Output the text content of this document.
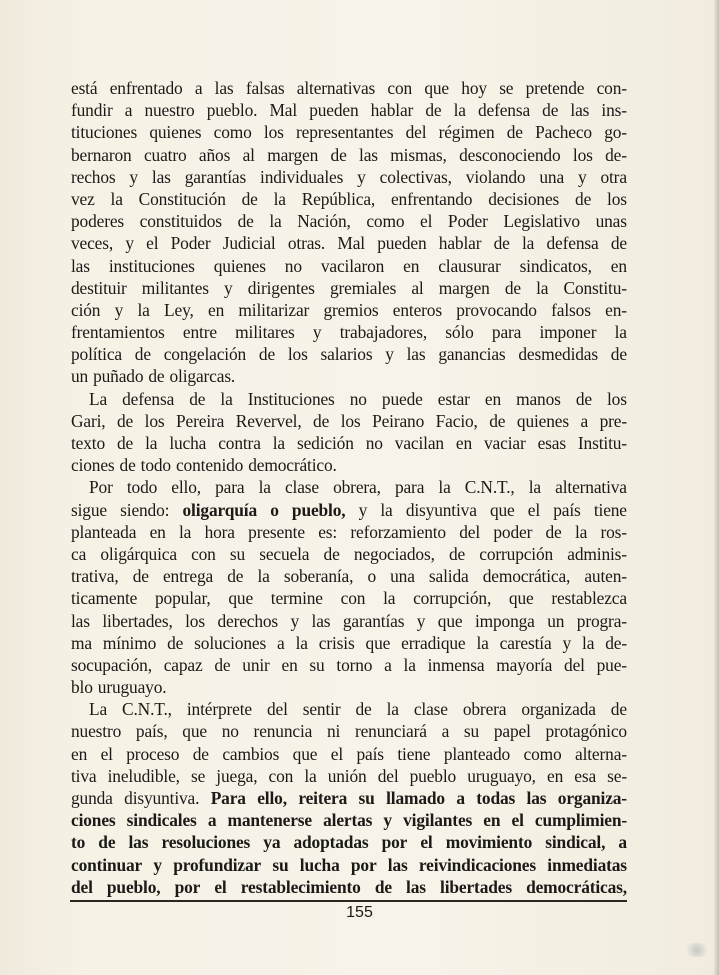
está enfrentado a las falsas alternativas con que hoy se pretende con-
fundir a nuestro pueblo. Mal pueden hablar de la defensa de las ins-
tituciones quienes como los representantes del régimen de Pacheco go-
bernaron cuatro años al margen de las mismas, desconociendo los de-
rechos y las garantías individuales y colectivas, violando una y otra
vez la Constitución de la República, enfrentando decisiones de los
poderes constituidos de la Nación, como el Poder Legislativo unas
veces, y el Poder Judicial otras. Mal pueden hablar de la defensa de
las instituciones quienes no vacilaron en clausurar sindicatos, en
destituir militantes y dirigentes gremiales al margen de la Constitu-
ción y la Ley, en militarizar gremios enteros provocando falsos en-
frentamientos entre militares y trabajadores, sólo para imponer la
política de congelación de los salarios y las ganancias desmedidas de
un puñado de oligarcas.
La defensa de la Instituciones no puede estar en manos de los
Gari, de los Pereira Revervel, de los Peirano Facio, de quienes a pre-
texto de la lucha contra la sedición no vacilan en vaciar esas Institu-
ciones de todo contenido democrático.
Por todo ello, para la clase obrera, para la C.N.T., la alternativa
sigue siendo: oligarquía o pueblo, y la disyuntiva que el país tiene
planteada en la hora presente es: reforzamiento del poder de la ros-
ca oligárquica con su secuela de negociados, de corrupción adminis-
trativa, de entrega de la soberanía, o una salida democrática, auten-
ticamente popular, que termine con la corrupción, que restablezca
las libertades, los derechos y las garantías y que imponga un progra-
ma mínimo de soluciones a la crisis que erradique la carestía y la de-
socupación, capaz de unir en su torno a la inmensa mayoría del pue-
blo uruguayo.
La C.N.T., intérprete del sentir de la clase obrera organizada de
nuestro país, que no renuncia ni renunciará a su papel protagónico
en el proceso de cambios que el país tiene planteado como alterna-
tiva ineludible, se juega, con la unión del pueblo uruguayo, en esa se-
gunda disyuntiva. Para ello, reitera su llamado a todas las organiza-
ciones sindicales a mantenerse alertas y vigilantes en el cumplimien-
to de las resoluciones ya adoptadas por el movimiento sindical, a
continuar y profundizar su lucha por las reivindicaciones inmediatas
del pueblo, por el restablecimiento de las libertades democráticas,
155
